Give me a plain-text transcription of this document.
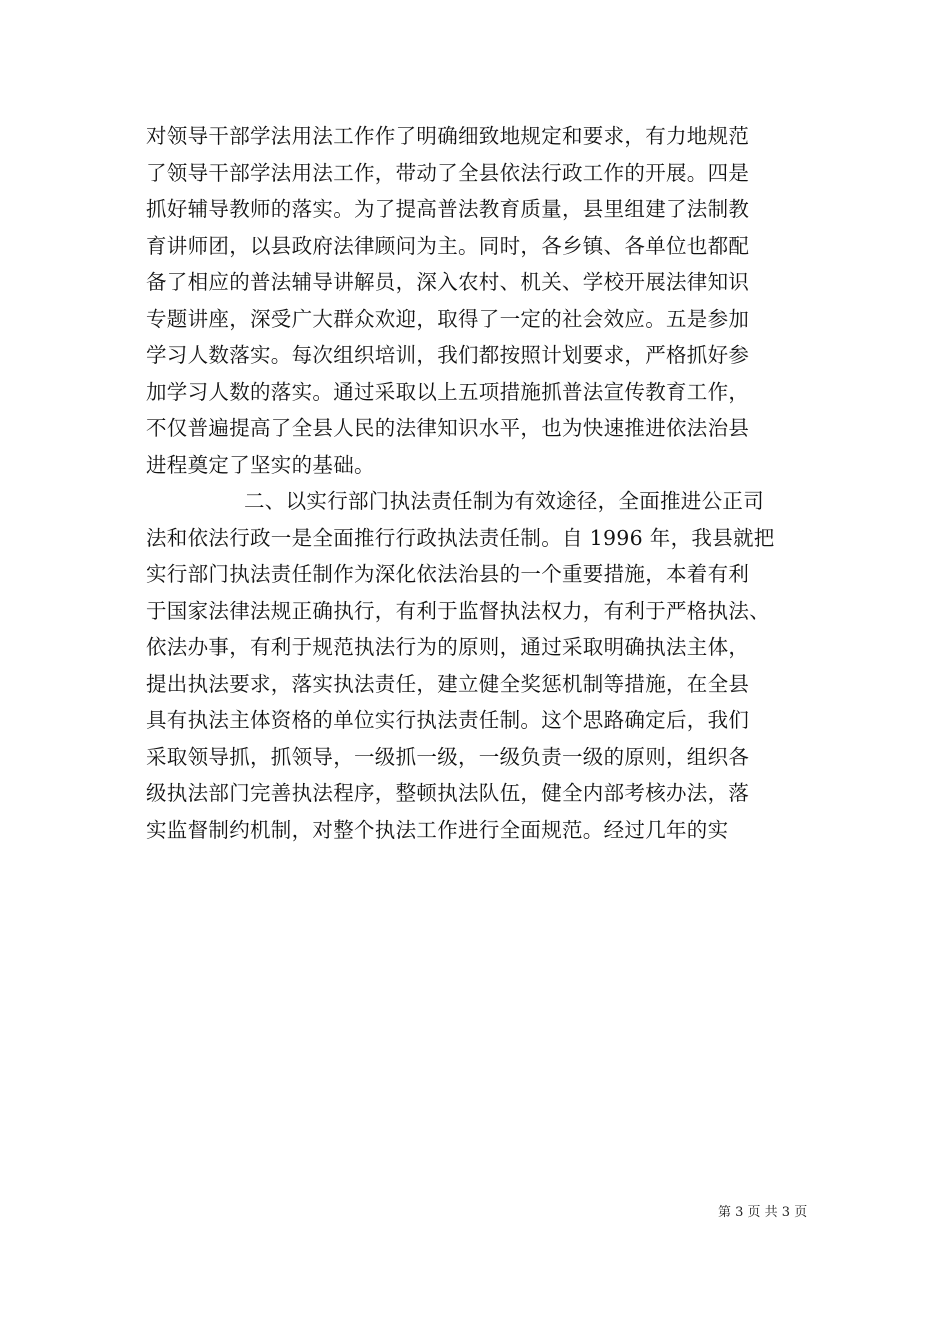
对领导干部学法用法工作作了明确细致地规定和要求，有力地规范
了领导干部学法用法工作，带动了全县依法行政工作的开展。四是
抓好辅导教师的落实。为了提高普法教育质量，县里组建了法制教
育讲师团，以县政府法律顾问为主。同时，各乡镇、各单位也都配
备了相应的普法辅导讲解员，深入农村、机关、学校开展法律知识
专题讲座，深受广大群众欢迎，取得了一定的社会效应。五是参加
学习人数落实。每次组织培训，我们都按照计划要求，严格抓好参
加学习人数的落实。通过采取以上五项措施抓普法宣传教育工作，
不仅普遍提高了全县人民的法律知识水平，也为快速推进依法治县
进程奠定了坚实的基础。
二、以实行部门执法责任制为有效途径，全面推进公正司
法和依法行政一是全面推行行政执法责任制。自 1996 年，我县就把
实行部门执法责任制作为深化依法治县的一个重要措施，本着有利
于国家法律法规正确执行，有利于监督执法权力，有利于严格执法、
依法办事，有利于规范执法行为的原则，通过采取明确执法主体，
提出执法要求，落实执法责任，建立健全奖惩机制等措施，在全县
具有执法主体资格的单位实行执法责任制。这个思路确定后，我们
采取领导抓，抓领导，一级抓一级，一级负责一级的原则，组织各
级执法部门完善执法程序，整顿执法队伍，健全内部考核办法，落
实监督制约机制，对整个执法工作进行全面规范。经过几年的实
第 3 页 共 3 页
